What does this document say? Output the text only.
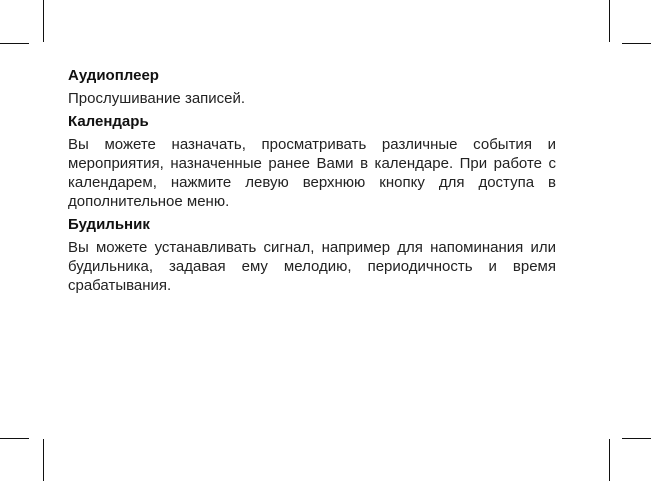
Аудиоплеер
Прослушивание записей.
Календарь
Вы можете назначать, просматривать различные события и мероприятия, назначенные ранее Вами в календаре. При работе с календарем, нажмите левую верхнюю кнопку для доступа в дополнительное меню.
Будильник
Вы можете устанавливать сигнал, например для напоминания или будильника, задавая ему мелодию, периодичность и время срабатывания.
